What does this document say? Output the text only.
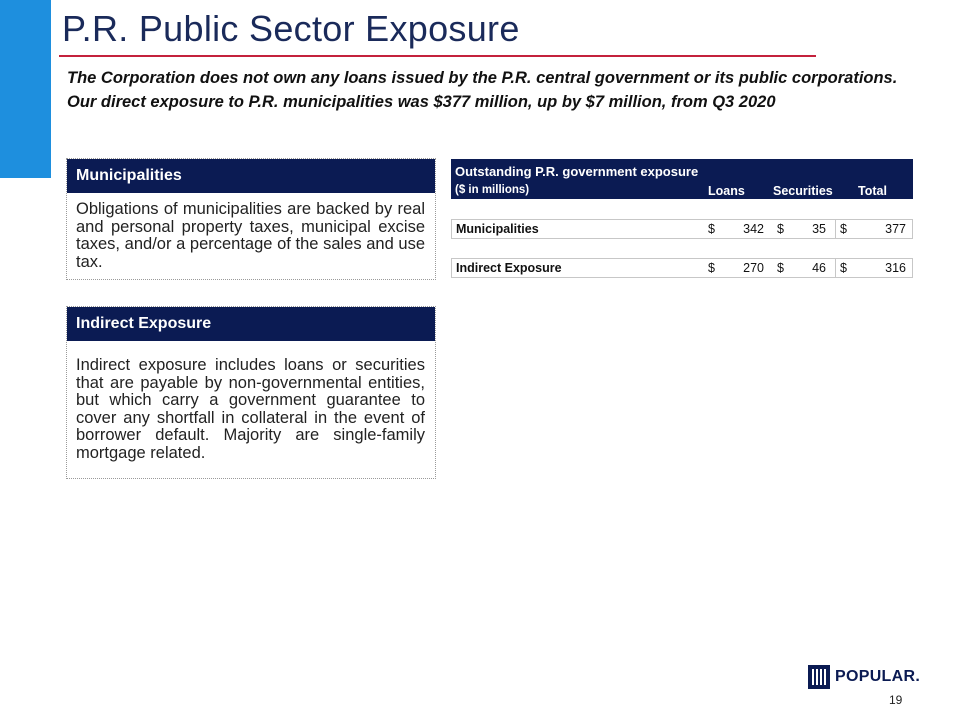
P.R. Public Sector Exposure

The Corporation does not own any loans issued by the P.R. central government or its public corporations. Our direct exposure to P.R. municipalities was $377 million, up by $7 million, from Q3 2020

Municipalities
Obligations of municipalities are backed by real and personal property taxes, municipal excise taxes, and/or a percentage of the sales and use tax.
Indirect Exposure
Indirect exposure includes loans or securities that are payable by non-governmental entities, but which carry a government guarantee to cover any shortfall in collateral in the event of borrower default. Majority are single-family mortgage related.
Outstanding P.R. government exposure
($ in millions)	Loans Securities Total
Municipalities	$ 342 $ 35 $	377
Indirect Exposure	$ 270 $ 46 $	316
POPULAR.
19
